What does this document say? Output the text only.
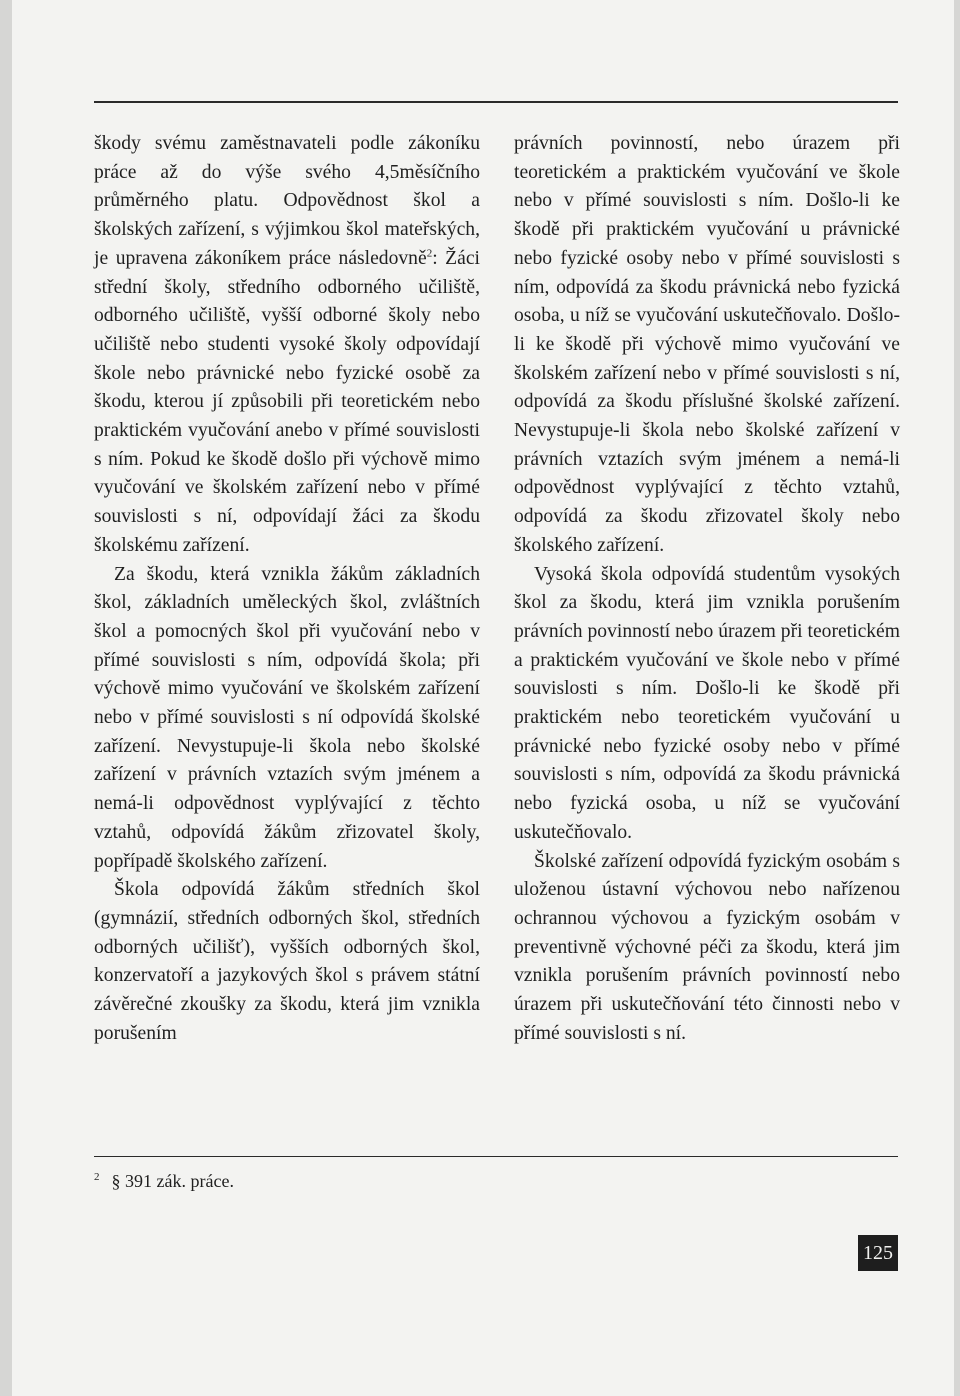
škody svému zaměstnavateli podle zákoníku práce až do výše svého 4,5měsíčního průměrného platu. Odpovědnost škol a školských zařízení, s výjimkou škol mateřských, je upravena zákoníkem práce následovně$^2$: Žáci střední školy, středního odborného učiliště, odborného učiliště, vyšší odborné školy nebo učiliště nebo studenti vysoké školy odpovídají škole nebo právnické nebo fyzické osobě za škodu, kterou jí způsobili při teoretickém nebo praktickém vyučování anebo v přímé souvislosti s ním. Pokud ke škodě došlo při výchově mimo vyučování ve školském zařízení nebo v přímé souvislosti s ní, odpovídají žáci za škodu školskému zařízení.

Za škodu, která vznikla žákům základních škol, základních uměleckých škol, zvláštních škol a pomocných škol při vyučování nebo v přímé souvislosti s ním, odpovídá škola; při výchově mimo vyučování ve školském zařízení nebo v přímé souvislosti s ní odpovídá školské zařízení. Nevystupuje-li škola nebo školské zařízení v právních vztazích svým jménem a nemá-li odpovědnost vyplývající z těchto vztahů, odpovídá žákům zřizovatel školy, popřípadě školského zařízení.

Škola odpovídá žákům středních škol (gymnázií, středních odborných škol, středních odborných učilišť), vyšších odborných škol, konzervatoří a jazykových škol s právem státní závěrečné zkoušky za škodu, která jim vznikla porušením

právních povinností, nebo úrazem při teoretickém a praktickém vyučování ve škole nebo v přímé souvislosti s ním. Došlo-li ke škodě při praktickém vyučování u právnické nebo fyzické osoby nebo v přímé souvislosti s ním, odpovídá za škodu právnická nebo fyzická osoba, u níž se vyučování uskutečňovalo. Došlo-li ke škodě při výchově mimo vyučování ve školském zařízení nebo v přímé souvislosti s ní, odpovídá za škodu příslušné školské zařízení. Nevystupuje-li škola nebo školské zařízení v právních vztazích svým jménem a nemá-li odpovědnost vyplývající z těchto vztahů, odpovídá za škodu zřizovatel školy nebo školského zařízení.

Vysoká škola odpovídá studentům vysokých škol za škodu, která jim vznikla porušením právních povinností nebo úrazem při teoretickém a praktickém vyučování ve škole nebo v přímé souvislosti s ním. Došlo-li ke škodě při praktickém nebo teoretickém vyučování u právnické nebo fyzické osoby nebo v přímé souvislosti s ním, odpovídá za škodu právnická nebo fyzická osoba, u níž se vyučování uskutečňovalo.

Školské zařízení odpovídá fyzickým osobám s uloženou ústavní výchovou nebo nařízenou ochrannou výchovou a fyzickým osobám v preventivně výchovné péči za škodu, která jim vznikla porušením právních povinností nebo úrazem při uskutečňování této činnosti nebo v přímé souvislosti s ní.

$^2$ § 391 zák. práce.
125
